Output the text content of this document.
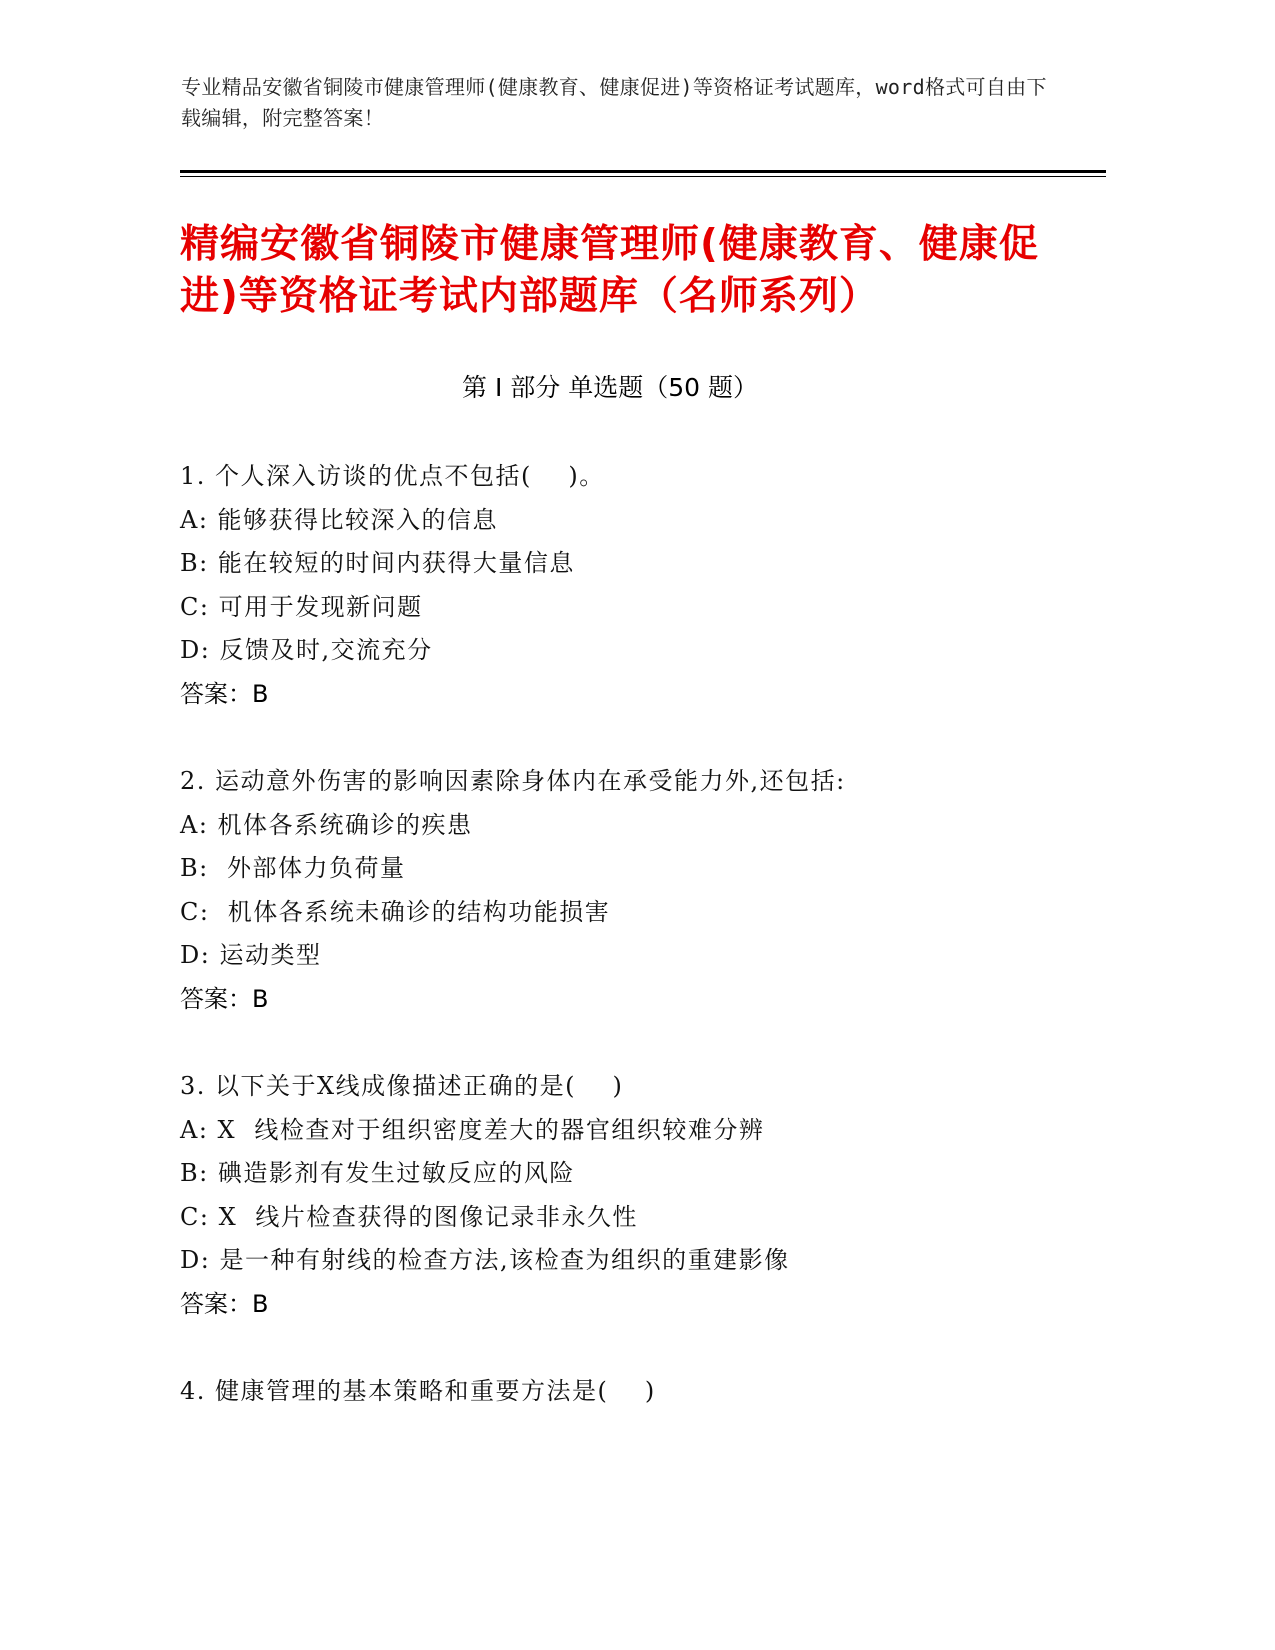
专业精品安徽省铜陵市健康管理师(健康教育、健康促进)等资格证考试题库，word格式可自由下载编辑，附完整答案！
精编安徽省铜陵市健康管理师(健康教育、健康促进)等资格证考试内部题库（名师系列）
第 I 部分 单选题（50 题）
1. 个人深入访谈的优点不包括(    )。
A: 能够获得比较深入的信息
B: 能在较短的时间内获得大量信息
C: 可用于发现新问题
D: 反馈及时,交流充分
答案：B
2. 运动意外伤害的影响因素除身体内在承受能力外,还包括:
A: 机体各系统确诊的疾患
B:  外部体力负荷量
C:  机体各系统未确诊的结构功能损害
D: 运动类型
答案：B
3. 以下关于X线成像描述正确的是(    )
A: X  线检查对于组织密度差大的器官组织较难分辨
B: 碘造影剂有发生过敏反应的风险
C: X  线片检查获得的图像记录非永久性
D: 是一种有射线的检查方法,该检查为组织的重建影像
答案：B
4. 健康管理的基本策略和重要方法是(    )
